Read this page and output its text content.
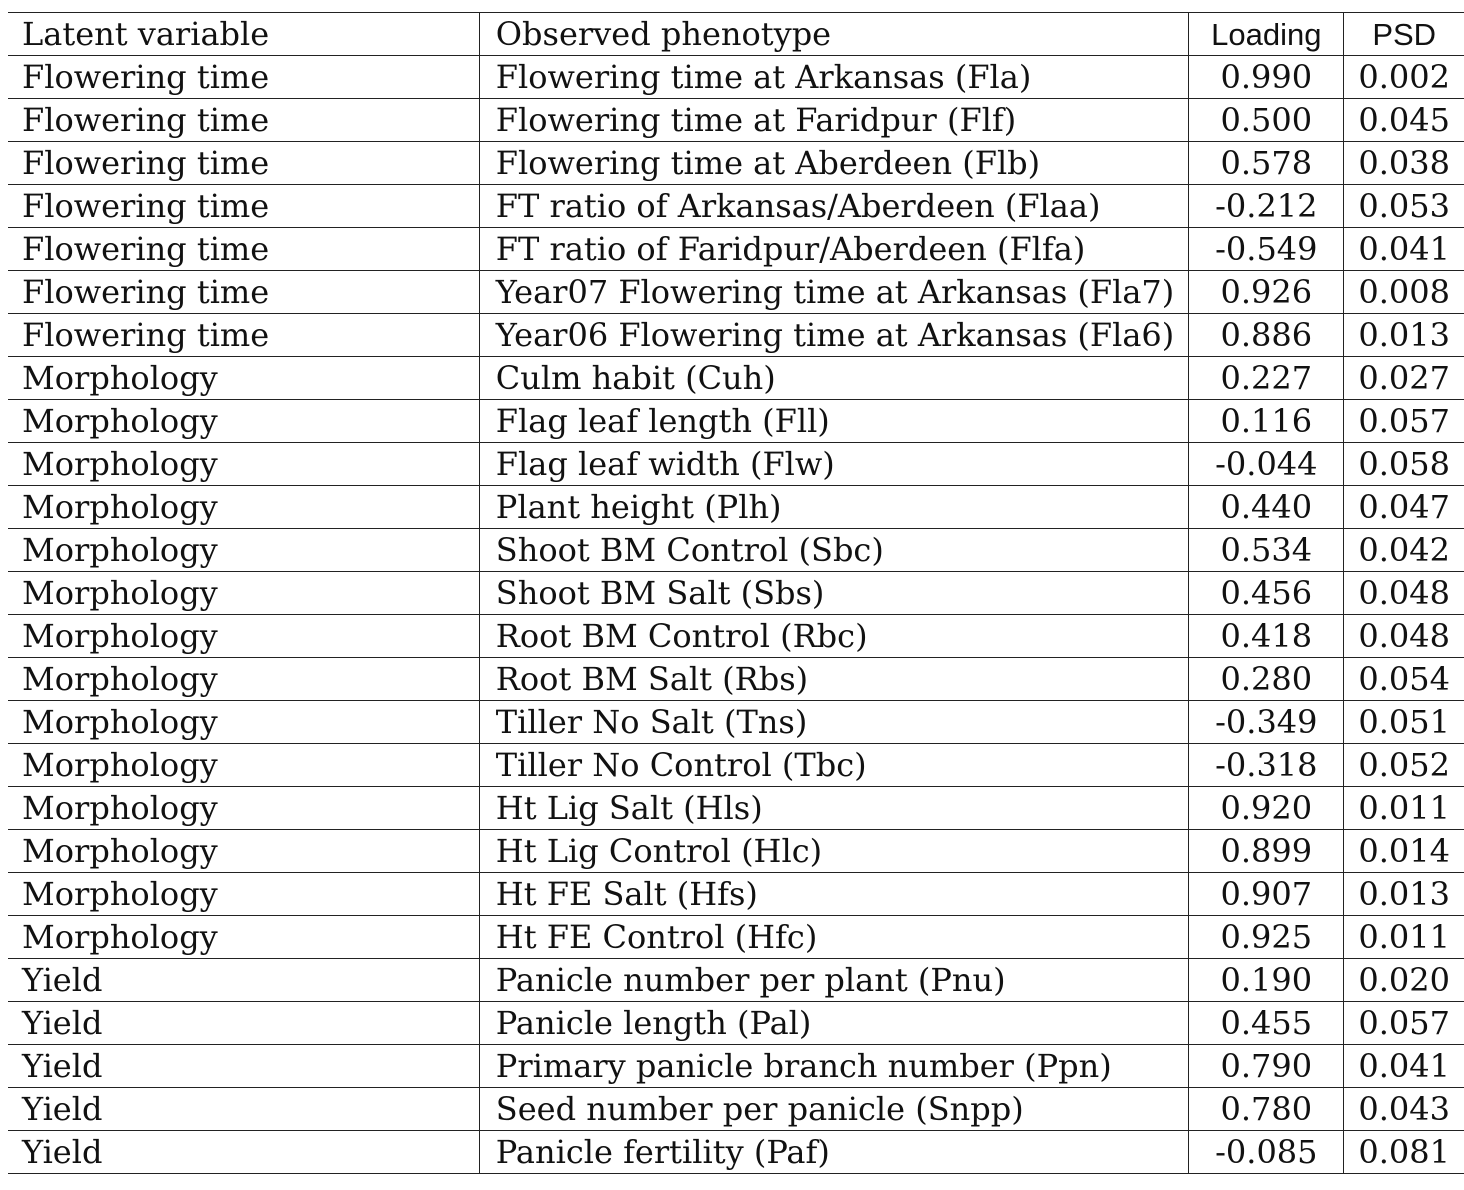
Latent variable	Observed phenotype	Loading	PSD
Flowering time	Flowering time at Arkansas (Fla)	0.990	0.002
Flowering time	Flowering time at Faridpur (Flf)	0.500	0.045
Flowering time	Flowering time at Aberdeen (Flb)	0.578	0.038
Flowering time	FT ratio of Arkansas/Aberdeen (Flaa)	-0.212	0.053
Flowering time	FT ratio of Faridpur/Aberdeen (Flfa)	-0.549	0.041
Flowering time	Year07 Flowering time at Arkansas (Fla7)	0.926	0.008
Flowering time	Year06 Flowering time at Arkansas (Fla6)	0.886	0.013
Morphology	Culm habit (Cuh)	0.227	0.027
Morphology	Flag leaf length (Fll)	0.116	0.057
Morphology	Flag leaf width (Flw)	-0.044	0.058
Morphology	Plant height (Plh)	0.440	0.047
Morphology	Shoot BM Control (Sbc)	0.534	0.042
Morphology	Shoot BM Salt (Sbs)	0.456	0.048
Morphology	Root BM Control (Rbc)	0.418	0.048
Morphology	Root BM Salt (Rbs)	0.280	0.054
Morphology	Tiller No Salt (Tns)	-0.349	0.051
Morphology	Tiller No Control (Tbc)	-0.318	0.052
Morphology	Ht Lig Salt (Hls)	0.920	0.011
Morphology	Ht Lig Control (Hlc)	0.899	0.014
Morphology	Ht FE Salt (Hfs)	0.907	0.013
Morphology	Ht FE Control (Hfc)	0.925	0.011
Yield	Panicle number per plant (Pnu)	0.190	0.020
Yield	Panicle length (Pal)	0.455	0.057
Yield	Primary panicle branch number (Ppn)	0.790	0.041
Yield	Seed number per panicle (Snpp)	0.780	0.043
Yield	Panicle fertility (Paf)	-0.085	0.081
